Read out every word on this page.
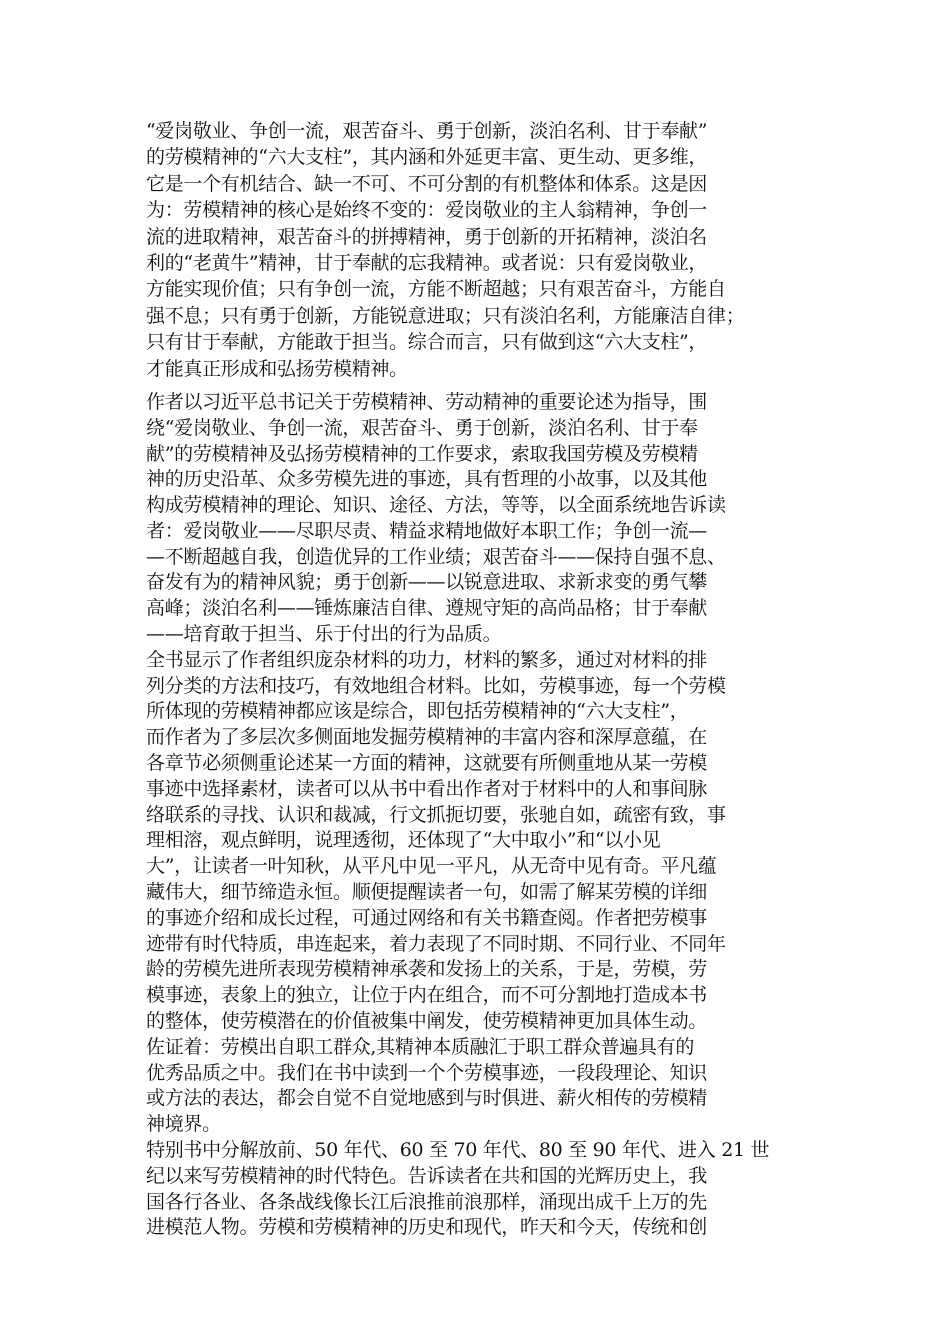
“爱岗敬业、争创一流，艰苦奋斗、勇于创新，淡泊名利、甘于奉献”
的劳模精神的“六大支柱”，其内涵和外延更丰富、更生动、更多维，
它是一个有机结合、缺一不可、不可分割的有机整体和体系。这是因
为：劳模精神的核心是始终不变的：爱岗敬业的主人翁精神，争创一
流的进取精神，艰苦奋斗的拼搏精神，勇于创新的开拓精神，淡泊名
利的“老黄牛”精神，甘于奉献的忘我精神。或者说：只有爱岗敬业，
方能实现价值；只有争创一流，方能不断超越；只有艰苦奋斗，方能自
强不息；只有勇于创新，方能锐意进取；只有淡泊名利，方能廉洁自律；
只有甘于奉献，方能敢于担当。综合而言，只有做到这“六大支柱”，
才能真正形成和弘扬劳模精神。
作者以习近平总书记关于劳模精神、劳动精神的重要论述为指导，围
绕“爱岗敬业、争创一流，艰苦奋斗、勇于创新，淡泊名利、甘于奉
献”的劳模精神及弘扬劳模精神的工作要求，索取我国劳模及劳模精
神的历史沿革、众多劳模先进的事迹，具有哲理的小故事，以及其他
构成劳模精神的理论、知识、途径、方法，等等，以全面系统地告诉读
者：爱岗敬业——尽职尽责、精益求精地做好本职工作；争创一流—
—不断超越自我，创造优异的工作业绩；艰苦奋斗——保持自强不息、
奋发有为的精神风貌；勇于创新——以锐意进取、求新求变的勇气攀
高峰；淡泊名利——锤炼廉洁自律、遵规守矩的高尚品格；甘于奉献
——培育敢于担当、乐于付出的行为品质。
全书显示了作者组织庞杂材料的功力，材料的繁多，通过对材料的排
列分类的方法和技巧，有效地组合材料。比如，劳模事迹，每一个劳模
所体现的劳模精神都应该是综合，即包括劳模精神的“六大支柱”，
而作者为了多层次多侧面地发掘劳模精神的丰富内容和深厚意蕴，在
各章节必须侧重论述某一方面的精神，这就要有所侧重地从某一劳模
事迹中选择素材，读者可以从书中看出作者对于材料中的人和事间脉
络联系的寻找、认识和裁减，行文抓扼切要，张驰自如，疏密有致，事
理相溶，观点鲜明，说理透彻，还体现了“大中取小”和“以小见
大”，让读者一叶知秋，从平凡中见一平凡，从无奇中见有奇。平凡蕴
藏伟大，细节缔造永恒。顺便提醒读者一句，如需了解某劳模的详细
的事迹介绍和成长过程，可通过网络和有关书籍查阅。作者把劳模事
迹带有时代特质，串连起来，着力表现了不同时期、不同行业、不同年
龄的劳模先进所表现劳模精神承袭和发扬上的关系，于是，劳模，劳
模事迹，表象上的独立，让位于内在组合，而不可分割地打造成本书
的整体，使劳模潜在的价值被集中阐发，使劳模精神更加具体生动。
佐证着：劳模出自职工群众,其精神本质融汇于职工群众普遍具有的
优秀品质之中。我们在书中读到一个个劳模事迹，一段段理论、知识
或方法的表达，都会自觉不自觉地感到与时俱进、薪火相传的劳模精
神境界。
特别书中分解放前、50 年代、60 至 70 年代、80 至 90 年代、进入 21 世
纪以来写劳模精神的时代特色。告诉读者在共和国的光辉历史上，我
国各行各业、各条战线像长江后浪推前浪那样，涌现出成千上万的先
进模范人物。劳模和劳模精神的历史和现代，昨天和今天，传统和创
